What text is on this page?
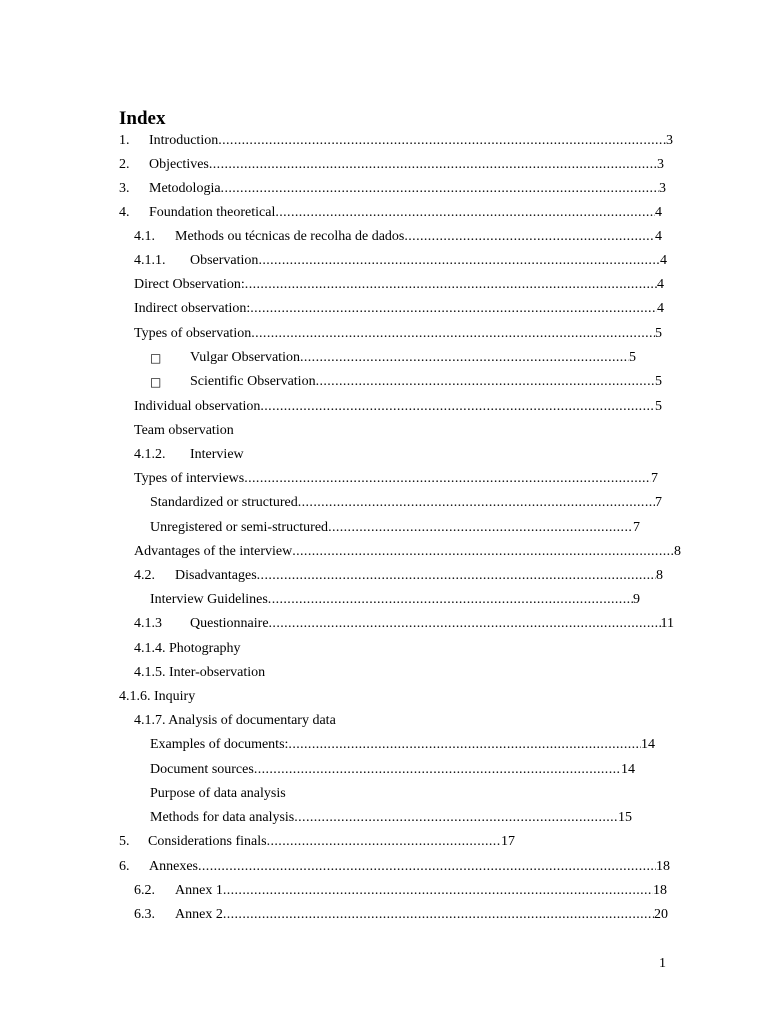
Index
1. Introduction .....	3
2. Objectives .....	3
3. Metodologia .....	3
4. Foundation theoretical .....	4
4.1. Methods ou técnicas de recolha de dados .....	4
4.1.1. Observation .....	4
Direct Observation: .....	4
Indirect observation: .....	4
Types of observation .....	5
□ Vulgar Observation .....	5
□ Scientific Observation .....	5
Individual observation .....	5
Team observation
4.1.2. Interview
Types of interviews .....	7
Standardized or structured .....	7
Unregistered or semi-structured .....	7
Advantages of the interview .....	8
4.2. Disadvantages .....	8
Interview Guidelines .....	9
4.1.3 Questionnaire .....	11
4.1.4. Photography
4.1.5. Inter-observation
4.1.6. Inquiry
4.1.7. Analysis of documentary data
Examples of documents: .....	14
Document sources .....	14
Purpose of data analysis
Methods for data analysis .....	15
5. Considerations finals .....	17
6. Annexes .....	18
6.2. Annex 1 .....	18
6.3. Annex 2 .....	20
1
